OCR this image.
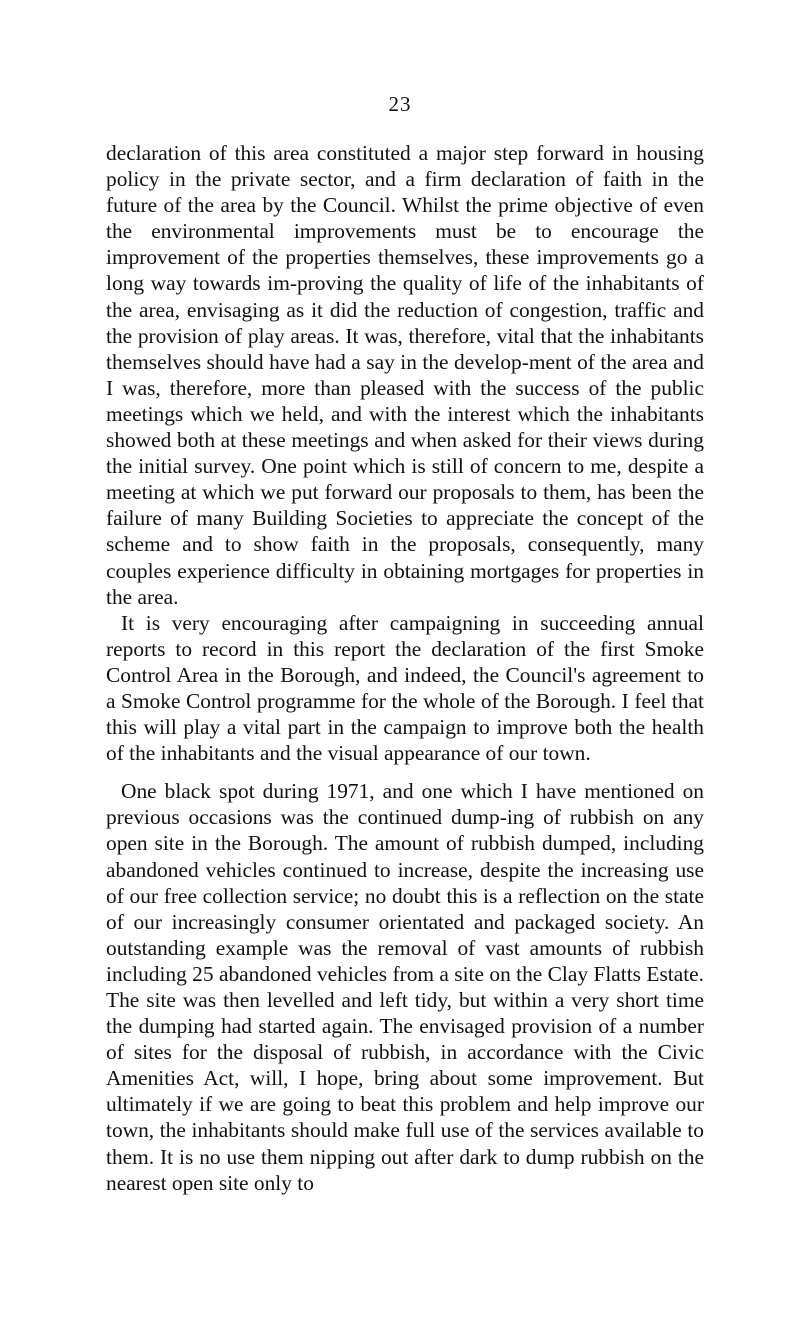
23

declaration of this area constituted a major step forward in housing policy in the private sector, and a firm declaration of faith in the future of the area by the Council. Whilst the prime objective of even the environmental improvements must be to encourage the improvement of the properties themselves, these improvements go a long way towards im-proving the quality of life of the inhabitants of the area, envisaging as it did the reduction of congestion, traffic and the provision of play areas. It was, therefore, vital that the inhabitants themselves should have had a say in the develop-ment of the area and I was, therefore, more than pleased with the success of the public meetings which we held, and with the interest which the inhabitants showed both at these meetings and when asked for their views during the initial survey. One point which is still of concern to me, despite a meeting at which we put forward our proposals to them, has been the failure of many Building Societies to appreciate the concept of the scheme and to show faith in the proposals, consequently, many couples experience difficulty in obtaining mortgages for properties in the area.

It is very encouraging after campaigning in succeeding annual reports to record in this report the declaration of the first Smoke Control Area in the Borough, and indeed, the Council's agreement to a Smoke Control programme for the whole of the Borough. I feel that this will play a vital part in the campaign to improve both the health of the inhabitants and the visual appearance of our town.

One black spot during 1971, and one which I have mentioned on previous occasions was the continued dump-ing of rubbish on any open site in the Borough. The amount of rubbish dumped, including abandoned vehicles continued to increase, despite the increasing use of our free collection service; no doubt this is a reflection on the state of our increasingly consumer orientated and packaged society. An outstanding example was the removal of vast amounts of rubbish including 25 abandoned vehicles from a site on the Clay Flatts Estate. The site was then levelled and left tidy, but within a very short time the dumping had started again. The envisaged provision of a number of sites for the disposal of rubbish, in accordance with the Civic Amenities Act, will, I hope, bring about some improvement. But ultimately if we are going to beat this problem and help improve our town, the inhabitants should make full use of the services available to them. It is no use them nipping out after dark to dump rubbish on the nearest open site only to
